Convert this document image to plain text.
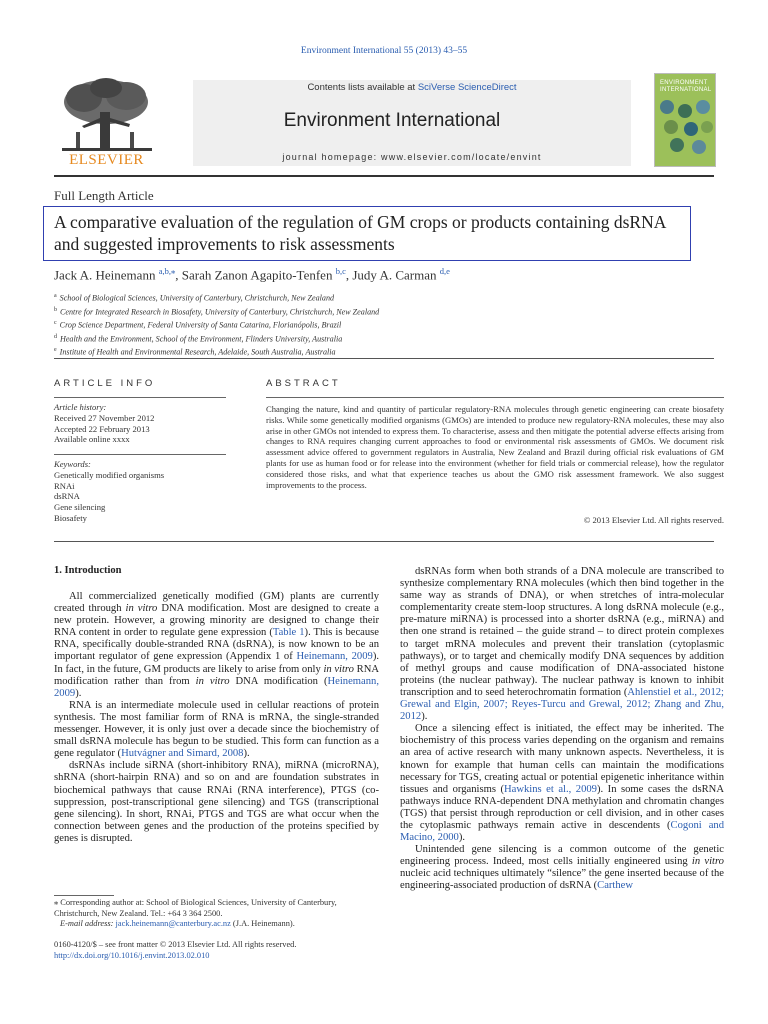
Environment International 55 (2013) 43–55
ELSEVIER
Contents lists available at SciVerse ScienceDirect
Environment International
journal homepage: www.elsevier.com/locate/envint
ENVIRONMENT INTERNATIONAL
Full Length Article
A comparative evaluation of the regulation of GM crops or products containing dsRNA and suggested improvements to risk assessments
Jack A. Heinemann $^{a,b,⁎}$, Sarah Zanon Agapito-Tenfen $^{b,c}$, Judy A. Carman $^{d,e}$
$^a$ School of Biological Sciences, University of Canterbury, Christchurch, New Zealand
$^b$ Centre for Integrated Research in Biosafety, University of Canterbury, Christchurch, New Zealand
$^c$ Crop Science Department, Federal University of Santa Catarina, Florianópolis, Brazil
$^d$ Health and the Environment, School of the Environment, Flinders University, Australia
$^e$ Institute of Health and Environmental Research, Adelaide, South Australia, Australia
ARTICLE INFO
Article history:
Received 27 November 2012
Accepted 22 February 2013
Available online xxxx
Keywords:
Genetically modified organisms
RNAi
dsRNA
Gene silencing
Biosafety
ABSTRACT
Changing the nature, kind and quantity of particular regulatory-RNA molecules through genetic engineering can create biosafety risks. While some genetically modified organisms (GMOs) are intended to produce new regulatory-RNA molecules, these may also arise in other GMOs not intended to express them. To characterise, assess and then mitigate the potential adverse effects arising from changes to RNA requires changing current approaches to food or environmental risk assessments of GMOs. We document risk assessment advice offered to government regulators in Australia, New Zealand and Brazil during official risk evaluations of GM plants for use as human food or for release into the environment (whether for field trials or commercial release), how the regulator considered those risks, and what that experience teaches us about the GMO risk assessment framework. We also suggest improvements to the process.
© 2013 Elsevier Ltd. All rights reserved.
1. Introduction

All commercialized genetically modified (GM) plants are currently created through in vitro DNA modification. Most are designed to create a new protein. However, a growing minority are designed to change their RNA content in order to regulate gene expression (Table 1). This is because RNA, specifically double-stranded RNA (dsRNA), is now known to be an important regulator of gene expression (Appendix 1 of Heinemann, 2009). In fact, in the future, GM products are likely to arise from only in vitro RNA modification rather than from in vitro DNA modification (Heinemann, 2009).

RNA is an intermediate molecule used in cellular reactions of protein synthesis. The most familiar form of RNA is mRNA, the single-stranded messenger. However, it is only just over a decade since the biochemistry of small dsRNA molecule has begun to be studied. This form can function as a gene regulator (Hutvágner and Simard, 2008).

dsRNAs include siRNA (short-inhibitory RNA), miRNA (microRNA), shRNA (short-hairpin RNA) and so on and are foundation substrates in biochemical pathways that cause RNAi (RNA interference), PTGS (co-suppression, post-transcriptional gene silencing) and TGS (transcriptional gene silencing). In short, RNAi, PTGS and TGS are what occur when the connection between genes and the production of the proteins specified by genes is disrupted.

⁎ Corresponding author at: School of Biological Sciences, University of Canterbury, Christchurch, New Zealand. Tel.: +64 3 364 2500.
E-mail address: jack.heinemann@canterbury.ac.nz (J.A. Heinemann).
0160-4120/$ – see front matter © 2013 Elsevier Ltd. All rights reserved.
http://dx.doi.org/10.1016/j.envint.2013.02.010

dsRNAs form when both strands of a DNA molecule are transcribed to synthesize complementary RNA molecules (which then bind together in the same way as strands of DNA), or when stretches of intra-molecular complementarity create stem-loop structures. A long dsRNA molecule (e.g., pre-mature miRNA) is processed into a shorter dsRNA (e.g., miRNA) and then one strand is retained – the guide strand – to direct protein complexes to target mRNA molecules and prevent their translation (cytoplasmic pathways), or to target and chemically modify DNA sequences by addition of methyl groups and cause modification of DNA-associated histone proteins (the nuclear pathway). The nuclear pathway is known to inhibit transcription and to seed heterochromatin formation (Ahlenstiel et al., 2012; Grewal and Elgin, 2007; Reyes-Turcu and Grewal, 2012; Zhang and Zhu, 2012).

Once a silencing effect is initiated, the effect may be inherited. The biochemistry of this process varies depending on the organism and remains an area of active research with many unknown aspects. Nevertheless, it is known for example that human cells can maintain the modifications necessary for TGS, creating actual or potential epigenetic inheritance within tissues and organisms (Hawkins et al., 2009). In some cases the dsRNA pathways induce RNA-dependent DNA methylation and chromatin changes (TGS) that persist through reproduction or cell division, and in other cases the cytoplasmic pathways remain active in descendents (Cogoni and Macino, 2000).

Unintended gene silencing is a common outcome of the genetic engineering process. Indeed, most cells initially engineered using in vitro nucleic acid techniques ultimately “silence” the gene inserted because of the engineering-associated production of dsRNA (Carthew
